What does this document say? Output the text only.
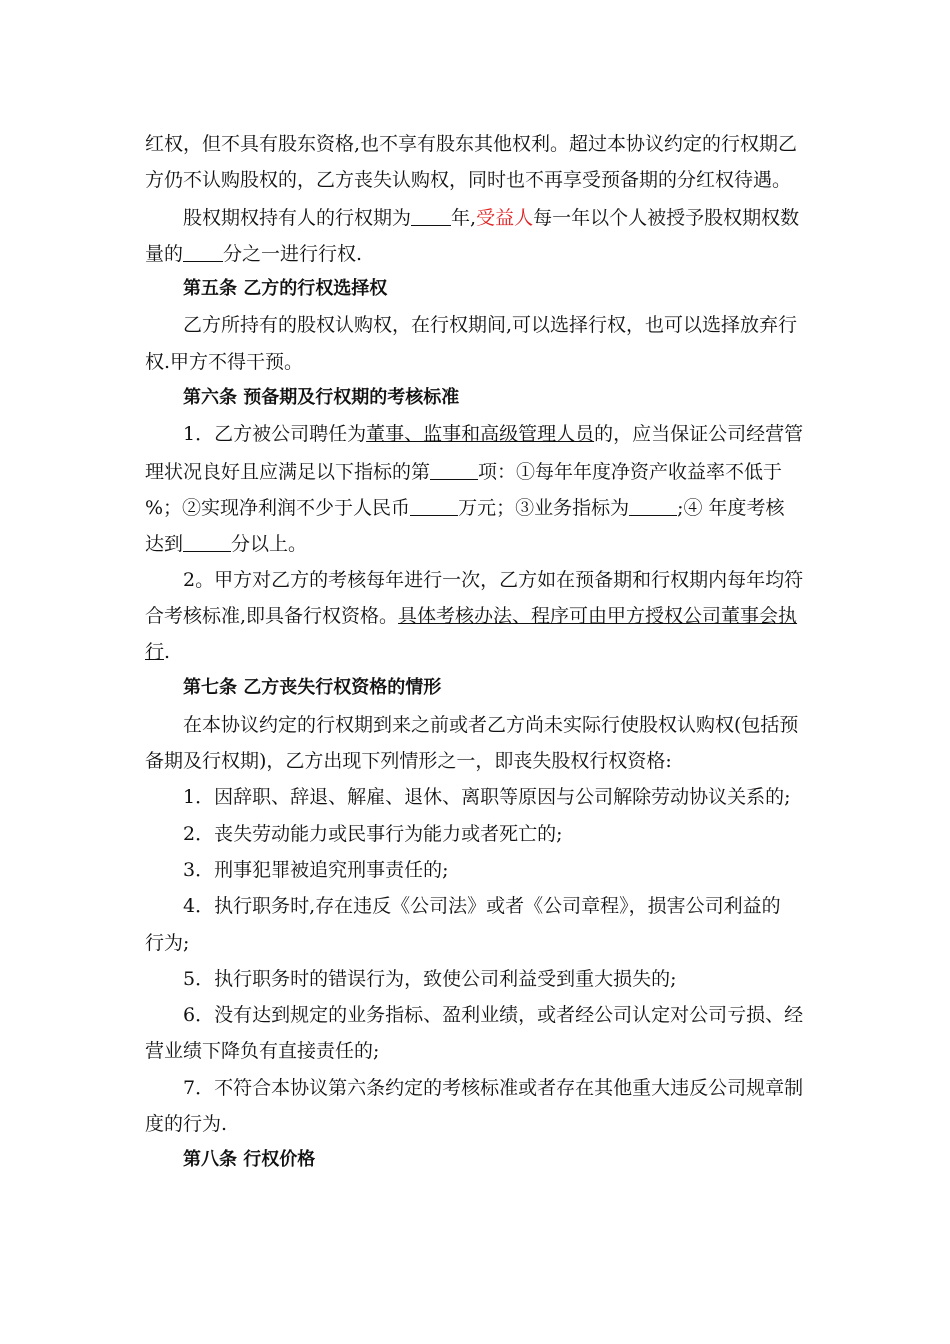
红权，但不具有股东资格,也不享有股东其他权利。超过本协议约定的行权期乙
方仍不认购股权的，乙方丧失认购权，同时也不再享受预备期的分红权待遇。
股权期权持有人的行权期为 年,受益人每一年以个人被授予股权期权数
量的 分之一进行行权.
第五条 乙方的行权选择权
乙方所持有的股权认购权，在行权期间,可以选择行权，也可以选择放弃行
权.甲方不得干预。
第六条 预备期及行权期的考核标准
1．乙方被公司聘任为董事、监事和高级管理人员的，应当保证公司经营管
理状况良好且应满足以下指标的第	项：①每年年度净资产收益率不低于
%；②实现净利润不少于人民币	万元；③业务指标为	;④ 年度考核
达到	分以上。
2。甲方对乙方的考核每年进行一次，乙方如在预备期和行权期内每年均符
合考核标准,即具备行权资格。具体考核办法、程序可由甲方授权公司董事会执
行.
第七条 乙方丧失行权资格的情形
在本协议约定的行权期到来之前或者乙方尚未实际行使股权认购权(包括预
备期及行权期)，乙方出现下列情形之一，即丧失股权行权资格:
1．因辞职、辞退、解雇、退休、离职等原因与公司解除劳动协议关系的;
2．丧失劳动能力或民事行为能力或者死亡的;
3．刑事犯罪被追究刑事责任的;
4．执行职务时,存在违反《公司法》或者《公司章程》，损害公司利益的
行为;
5．执行职务时的错误行为，致使公司利益受到重大损失的;
6．没有达到规定的业务指标、盈利业绩，或者经公司认定对公司亏损、经
营业绩下降负有直接责任的;
7．不符合本协议第六条约定的考核标准或者存在其他重大违反公司规章制
度的行为.
第八条 行权价格
